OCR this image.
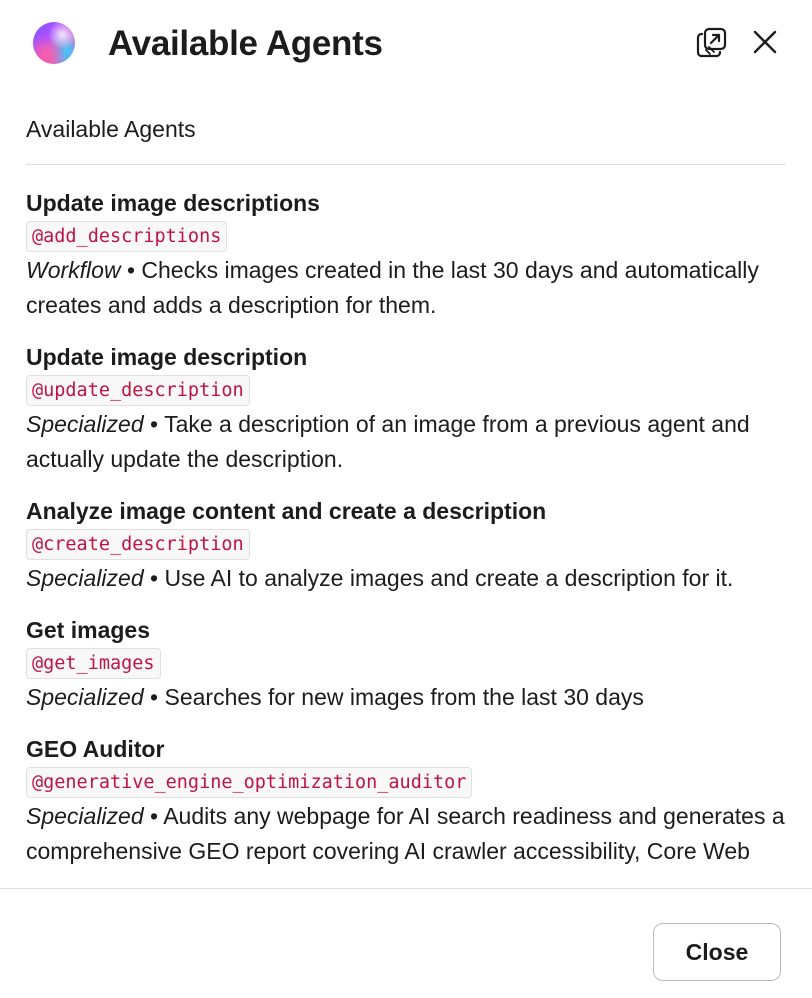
Available Agents
Available Agents
Update image descriptions
@add_descriptions
Workflow • Checks images created in the last 30 days and automatically creates and adds a description for them.
Update image description
@update_description
Specialized • Take a description of an image from a previous agent and actually update the description.
Analyze image content and create a description
@create_description
Specialized • Use AI to analyze images and create a description for it.
Get images
@get_images
Specialized • Searches for new images from the last 30 days
GEO Auditor
@generative_engine_optimization_auditor
Specialized • Audits any webpage for AI search readiness and generates a comprehensive GEO report covering AI crawler accessibility, Core Web
Close
